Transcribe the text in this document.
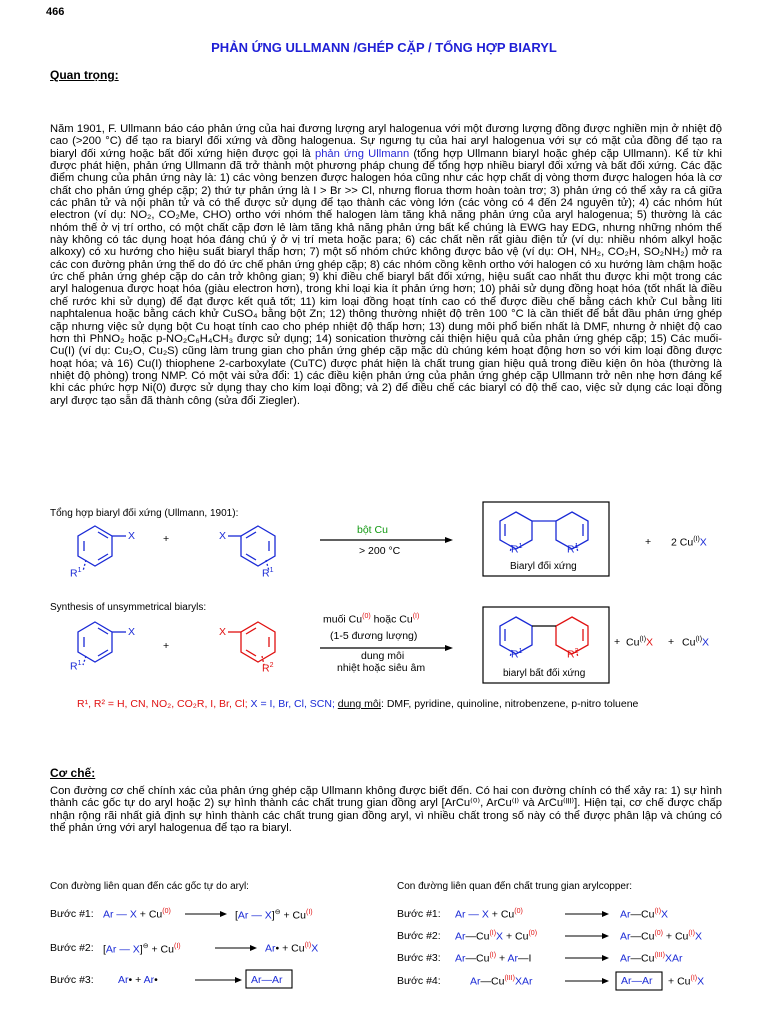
466
PHẢN ỨNG ULLMANN /GHÉP CẶP / TỔNG HỢP BIARYL
Quan trọng:
Năm 1901, F. Ullmann báo cáo phản ứng của hai đương lượng aryl halogenua với một đương lượng đồng được nghiền mịn ở nhiệt độ cao (>200 °C) để tạo ra biaryl đối xứng và đồng halogenua. Sự ngưng tụ của hai aryl halogenua với sự có mặt của đồng để tạo ra biaryl đối xứng hoặc bất đối xứng hiện được gọi là phản ứng Ullmann (tổng hợp Ullmann biaryl hoặc ghép cặp Ullmann). Kể từ khi được phát hiện, phản ứng Ullmann đã trở thành một phương pháp chung để tổng hợp nhiều biaryl đối xứng và bất đối xứng. Các đặc điểm chung của phản ứng này là: 1) các vòng benzen được halogen hóa cũng như các hợp chất dị vòng thơm được halogen hóa là cơ chất cho phản ứng ghép cặp; 2) thứ tự phản ứng là I > Br >> Cl, nhưng florua thơm hoàn toàn trơ; 3) phản ứng có thể xảy ra cả giữa các phân tử và nội phân tử và có thể được sử dụng để tạo thành các vòng lớn (các vòng có 4 đến 24 nguyên tử); 4) các nhóm hút electron (ví dụ: NO₂, CO₂Me, CHO) ortho với nhóm thế halogen làm tăng khả năng phản ứng của aryl halogenua; 5) thường là các nhóm thế ở vị trí ortho, có một chất cặp đơn lẻ làm tăng khả năng phản ứng bất kể chúng là EWG hay EDG, nhưng những nhóm thế này không có tác dụng hoạt hóa đáng chú ý ở vị trí meta hoặc para; 6) các chất nền rất giàu điện tử (ví dụ: nhiều nhóm alkyl hoặc alkoxy) có xu hướng cho hiệu suất biaryl thấp hơn; 7) một số nhóm chức không được bảo vệ (ví dụ: OH, NH₂, CO₂H, SO₂NH₂) mở ra các con đường phản ứng thế do đó ức chế phản ứng ghép cặp; 8) các nhóm cồng kềnh ortho với halogen có xu hướng làm chậm hoặc ức chế phản ứng ghép cặp do cản trở không gian; 9) khi điều chế biaryl bất đối xứng, hiệu suất cao nhất thu được khi một trong các aryl halogenua được hoạt hóa (giàu electron hơn), trong khi loại kia ít phản ứng hơn; 10) phải sử dụng đồng hoạt hóa (tốt nhất là điều chế rước khi sử dụng) để đạt được kết quả tốt; 11) kim loại đồng hoạt tính cao có thể được điều chế bằng cách khử CuI bằng liti naphtalenua hoặc bằng cách khử CuSO₄ bằng bột Zn; 12) thông thường nhiệt độ trên 100 °C là cần thiết để bắt đầu phản ứng ghép cặp nhưng việc sử dụng bột Cu hoạt tính cao cho phép nhiệt độ thấp hơn; 13) dung môi phổ biến nhất là DMF, nhưng ở nhiệt độ cao hơn thì PhNO₂ hoặc p-NO₂C₆H₄CH₃ được sử dụng; 14) sonication thường cải thiện hiệu quả của phản ứng ghép cặp; 15) Các muối-Cu(I) (ví dụ: Cu₂O, Cu₂S) cũng làm trung gian cho phản ứng ghép cặp mặc dù chúng kém hoạt động hơn so với kim loại đồng được hoạt hóa; và 16) Cu(I) thiophene 2-carboxylate (CuTC) được phát hiện là chất trung gian hiệu quả trong điều kiện ôn hòa (thường là nhiệt độ phòng) trong NMP. Có một vài sửa đổi: 1) các điều kiện phản ứng của phản ứng ghép cặp Ullmann trở nên nhẹ hơn đáng kể khi các phức hợp Ni(0) được sử dụng thay cho kim loại đồng; và 2) để điều chế các biaryl có độ thế cao, việc sử dụng các loại đồng aryl được tạo sẵn đã thành công (sửa đổi Ziegler).
Tổng hợp biaryl đối xứng (Ullmann, 1901):
X
$R^1$
+	X
$R^1$
bột Cu
> 200 °C	$R^1$	$R^1$
Biaryl đối xứng
+ 2 $Cu^{(I)}X$
Synthesis of unsymmetrical biaryls:
X
$R^1$
+
X
$R^2$
muối Cu$^{(0)}$ hoặc $Cu^{(I)}$
(1-5 đương lượng)
dung môi
nhiệt hoặc siêu âm
$R^1$	$R^2$
biaryl bất đối xứng
+ $Cu^{(I)}X + Cu^{(I)}X$
R¹, R² = H, CN, NO₂, CO₂R, I, Br, Cl; X = I, Br, Cl, SCN; dung môi: DMF, pyridine, quinoline, nitrobenzene, p-nitro toluene
Cơ chế:
Con đường cơ chế chính xác của phản ứng ghép cặp Ullmann không được biết đến. Có hai con đường chính có thể xảy ra: 1) sự hình thành các gốc tự do aryl hoặc 2) sự hình thành các chất trung gian đồng aryl [ArCu⁽⁰⁾, ArCu⁽ᴵ⁾ và ArCu⁽ᴵᴵᴵ⁾]. Hiện tại, cơ chế được chấp nhận rộng rãi nhất giả định sự hình thành các chất trung gian đồng aryl, vì nhiều chất trong số này có thể được phân lập và chúng có thể phản ứng với aryl halogenua để tạo ra biaryl.
Con đường liên quan đến các gốc tự do aryl:	Con đường liên quan đến chất trung gian arylcopper:
Bước #1: Ar — $X + Cu^{(0)}$	[Ar — $X]^⊖ + Cu^{(I)}$
Bước #2: [Ar — $X]^⊖ + Cu^{(I)}$	Ar• + $Cu^{(I)}X$
Bước #3: Ar• + Ar•	Ar—Ar
Bước #1: Ar — $X + Cu^{(0)}$	$Ar—Cu^{(I)}X$
Bước #2: $Ar—Cu^{(I)}X + Cu^{(0)}$	$Ar—Cu^{(0)} + Cu^{(I)}X$
Bước #3: $Ar—Cu^{(I)}$ + Ar—I	$Ar—Cu^{(III)}XAr$
Bước #4:	$Ar—Cu^{(III)}XAr$	Ar—Ar + $Cu^{(I)}X$
